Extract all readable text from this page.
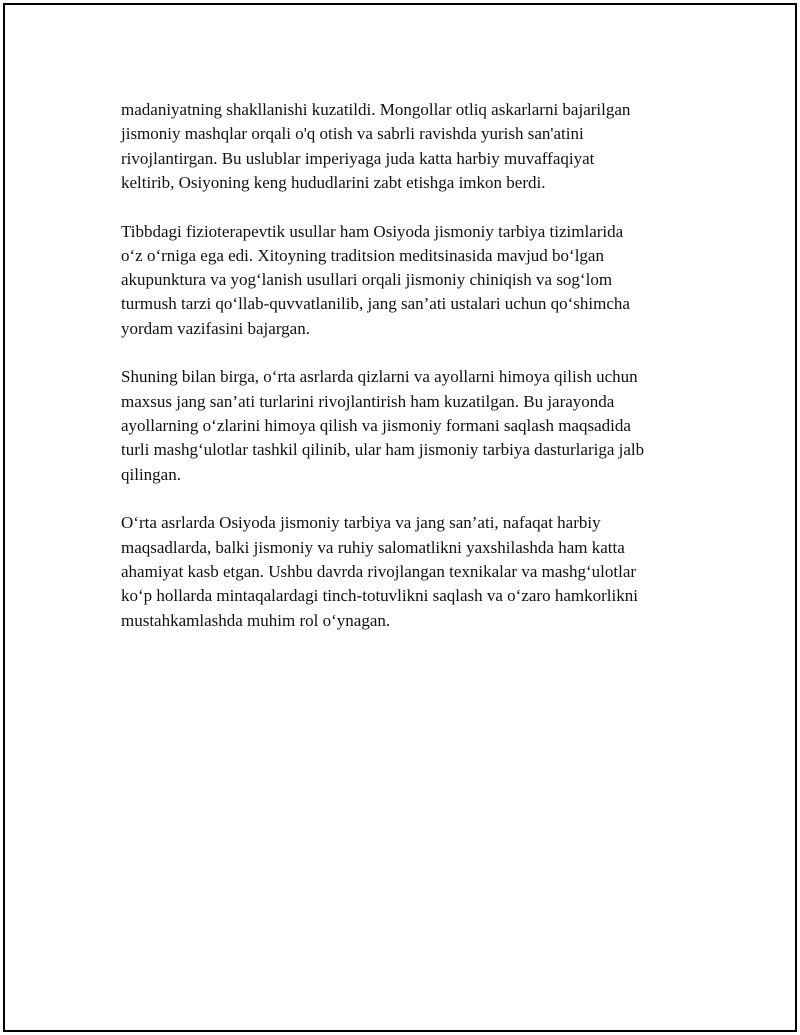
madaniyatning shakllanishi kuzatildi. Mongollar otliq askarlarni bajarilgan
jismoniy mashqlar orqali o'q otish va sabrli ravishda yurish san'atini
rivojlantirgan. Bu uslublar imperiyaga juda katta harbiy muvaffaqiyat
keltirib, Osiyoning keng hududlarini zabt etishga imkon berdi.

Tibbdagi fizioterapevtik usullar ham Osiyoda jismoniy tarbiya tizimlarida
o‘z o‘rniga ega edi. Xitoyning traditsion meditsinasida mavjud bo‘lgan
akupunktura va yog‘lanish usullari orqali jismoniy chiniqish va sog‘lom
turmush tarzi qo‘llab-quvvatlanilib, jang san’ati ustalari uchun qo‘shimcha
yordam vazifasini bajargan.

Shuning bilan birga, o‘rta asrlarda qizlarni va ayollarni himoya qilish uchun
maxsus jang san’ati turlarini rivojlantirish ham kuzatilgan. Bu jarayonda
ayollarning o‘zlarini himoya qilish va jismoniy formani saqlash maqsadida
turli mashg‘ulotlar tashkil qilinib, ular ham jismoniy tarbiya dasturlariga jalb
qilingan.

O‘rta asrlarda Osiyoda jismoniy tarbiya va jang san’ati, nafaqat harbiy
maqsadlarda, balki jismoniy va ruhiy salomatlikni yaxshilashda ham katta
ahamiyat kasb etgan. Ushbu davrda rivojlangan texnikalar va mashg‘ulotlar
ko‘p hollarda mintaqalardagi tinch-totuvlikni saqlash va o‘zaro hamkorlikni
mustahkamlashda muhim rol o‘ynagan.
